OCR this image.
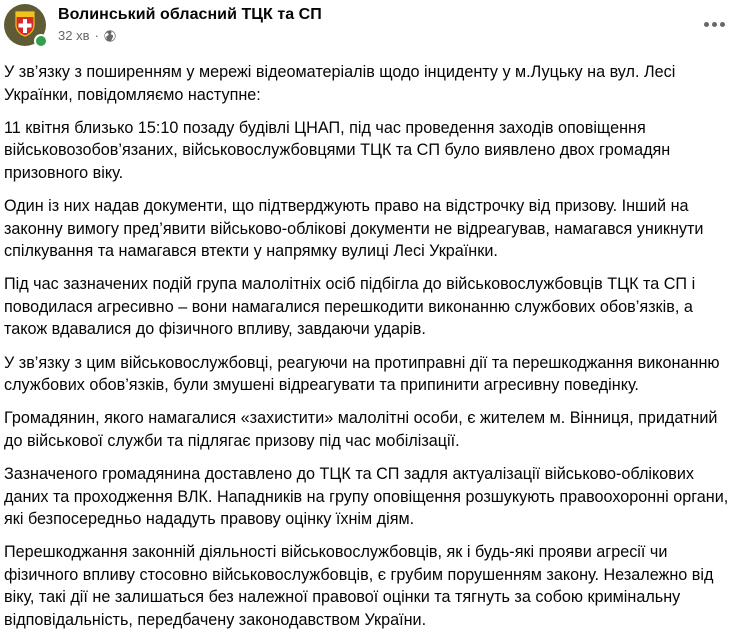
Волинський обласний ТЦК та СП
32 хв ·

У зв’язку з поширенням у мережі відеоматеріалів щодо інциденту у м.Луцьку на вул. Лесі Українки, повідомляємо наступне:

11 квітня близько 15:10 позаду будівлі ЦНАП, під час проведення заходів оповіщення військовозобов’язаних, військовослужбовцями ТЦК та СП було виявлено двох громадян призовного віку.

Один із них надав документи, що підтверджують право на відстрочку від призову. Інший на законну вимогу пред’явити військово-облікові документи не відреагував, намагався уникнути спілкування та намагався втекти у напрямку вулиці Лесі Українки.

Під час зазначених подій група малолітніх осіб підбігла до військовослужбовців ТЦК та СП і поводилася агресивно – вони намагалися перешкодити виконанню службових обов’язків, а також вдавалися до фізичного впливу, завдаючи ударів.

У зв’язку з цим військовослужбовці, реагуючи на протиправні дії та перешкоджання виконанню службових обов’язків, були змушені відреагувати та припинити агресивну поведінку.

Громадянин, якого намагалися «захистити» малолітні особи, є жителем м. Вінниця, придатний до військової служби та підлягає призову під час мобілізації.

Зазначеного громадянина доставлено до ТЦК та СП задля актуалізації військово-облікових даних та проходження ВЛК. Нападників на групу оповіщення розшукують правоохоронні органи, які безпосередньо нададуть правову оцінку їхнім діям.

Перешкоджання законній діяльності військовослужбовців, як і будь-які прояви агресії чи фізичного впливу стосовно військовослужбовців, є грубим порушенням закону. Незалежно від віку, такі дії не залишаться без належної правової оцінки та тягнуть за собою кримінальну відповідальність, передбачену законодавством України.
